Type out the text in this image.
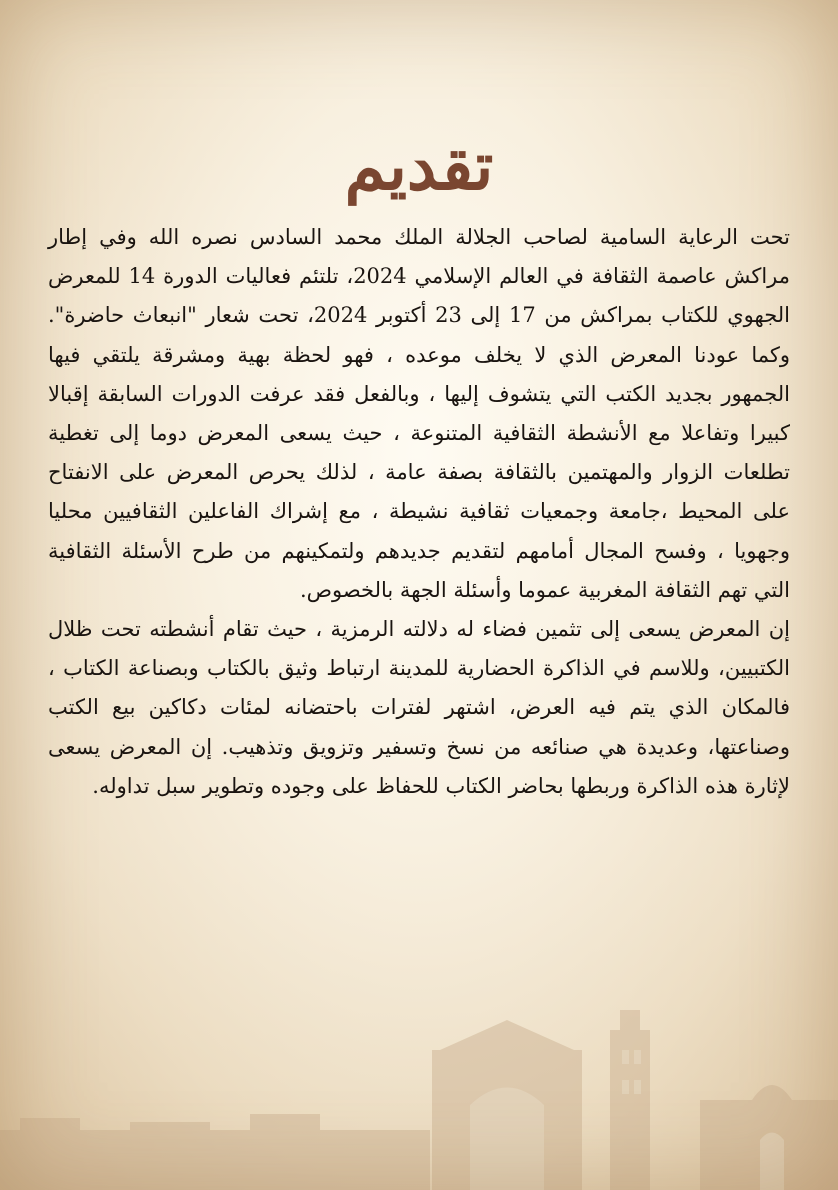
تقديم

تحت الرعاية السامية لصاحب الجلالة الملك محمد السادس نصره الله وفي إطار مراكش عاصمة الثقافة في العالم الإسلامي 2024، تلتئم فعاليات الدورة 14 للمعرض الجهوي للكتاب بمراكش من 17 إلى 23 أكتوبر 2024، تحت شعار "انبعاث حاضرة". وكما عودنا المعرض الذي لا يخلف موعده ، فهو لحظة بهية ومشرقة يلتقي فيها الجمهور بجديد الكتب التي يتشوف إليها ، وبالفعل فقد عرفت الدورات السابقة إقبالا كبيرا وتفاعلا مع الأنشطة الثقافية المتنوعة ، حيث يسعى المعرض دوما إلى تغطية تطلعات الزوار والمهتمين بالثقافة بصفة عامة ، لذلك يحرص المعرض على الانفتاح على المحيط ،جامعة وجمعيات ثقافية نشيطة ، مع إشراك الفاعلين الثقافيين محليا وجهويا ، وفسح المجال أمامهم لتقديم جديدهم ولتمكينهم من طرح الأسئلة الثقافية التي تهم الثقافة المغربية عموما وأسئلة الجهة بالخصوص.

إن المعرض يسعى إلى تثمين فضاء له دلالته الرمزية ، حيث تقام أنشطته تحت ظلال الكتبيين، وللاسم في الذاكرة الحضارية للمدينة ارتباط وثيق بالكتاب وبصناعة الكتاب ، فالمكان الذي يتم فيه العرض، اشتهر لفترات باحتضانه لمئات دكاكين بيع الكتب وصناعتها، وعديدة هي صنائعه من نسخ وتسفير وتزويق وتذهيب. إن المعرض يسعى لإثارة هذه الذاكرة وربطها بحاضر الكتاب للحفاظ على وجوده وتطوير سبل تداوله.
